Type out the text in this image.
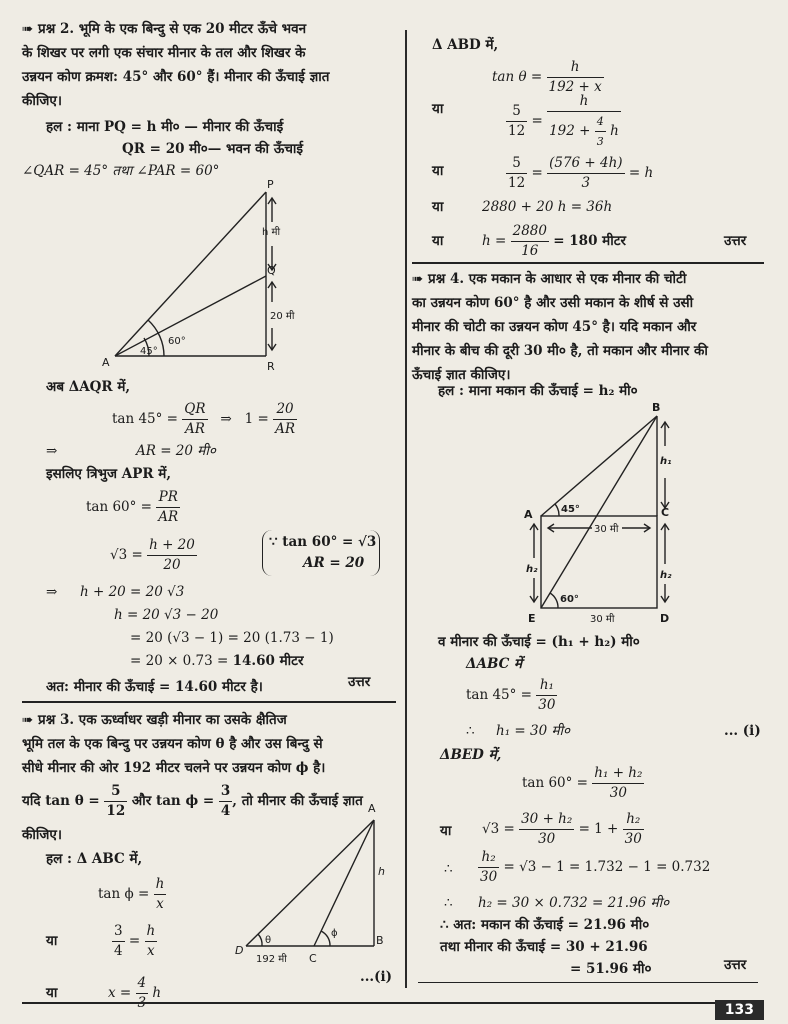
➠ प्रश्न 2. भूमि के एक बिन्दु से एक 20 मीटर ऊँचे भवन
के शिखर पर लगी एक संचार मीनार के तल और शिखर के
उन्नयन कोण क्रमश: 45° और 60° हैं। मीनार की ऊँचाई ज्ञात
कीजिए।
हल : माना PQ = h मी० — मीनार की ऊँचाई
QR = 20 मी०— भवन की ऊँचाई
∠QAR = 45° तथा ∠PAR = 60°
P
Q
R
A
h मी
20 मी
45°
60°
अब ΔAQR में,
$\tan 45^\circ = \frac{QR}{AR}$ ⇒ $1 = \frac{20}{AR}$
⇒	AR = 20 मी०
इसलिए त्रिभुज APR में,
$\tan 60^\circ = \frac{PR}{AR}$
$√3 = \frac{h + 20}{20}$	∵ tan 60° = √3
AR = 20
⇒ h + 20 = 20 √3
h = 20 √3 − 20
= 20 (√3 − 1) = 20 (1.73 − 1)
= 20 × 0.73 = 14.60 मीटर
अत: मीनार की ऊँचाई = 14.60 मीटर है।	उत्तर
➠ प्रश्न 3. एक ऊर्ध्वाधर खड़ी मीनार का उसके क्षैतिज
भूमि तल के एक बिन्दु पर उन्नयन कोण θ है और उस बिन्दु से
सीधे मीनार की ओर 192 मीटर चलने पर उन्नयन कोण ϕ है।
यदि $\tan \theta = \frac{5}{12}$ और $\tan \phi = \frac{3}{4}$ , तो मीनार की ऊँचाई ज्ञात
कीजिए।
हल : Δ ABC में,
$\tan \phi = \frac{h}{x}$
या	$\frac{3}{4} = \frac{h}{x}$
या	x =
4
h
...(i)
A
B
C
D
h
θ
ϕ
192 मी
Δ ABD में,
$\tan \theta = \frac{h}{192 + x}$
या	$\frac{5}{12} = \frac{h}{192 + \frac{4}{3} h}$
या	$\frac{5}{12} = \frac{(576 + 4h)}{3} = h$
या	2880 + 20 h = 36h
या	$h = \frac{2880}{16} = 180$ मीटर	उत्तर
➠ प्रश्न 4. एक मकान के आधार से एक मीनार की चोटी
का उन्नयन कोण 60° है और उसी मकान के शीर्ष से उसी
मीनार की चोटी का उन्नयन कोण 45° है। यदि मकान और
मीनार के बीच की दूरी 30 मी० है, तो मकान और मीनार की
ऊँचाई ज्ञात कीजिए।
हल : माना मकान की ऊँचाई = h₂ मी०
B
C
A
D
E
h₁
h₂
h₂
30 मी
30 मी
45°
60°
व मीनार की ऊँचाई = (h₁ + h₂) मी०
ΔABC में
$\tan 45^\circ = \frac{\text{h₁}}{30}$
∴ h₁ = 30 मी०	... (i)
ΔBED में,
$\tan 60^\circ = \frac{\text{h₁ + h₂}}{30}$
या $√3 = \frac{\text{30 + h₂}}{30} = 1 + \frac{\text{h₂}}{30}$
∴ $\frac{\text{h₂}}{30} = √3 - 1 = 1.732 - 1 = 0.732$
∴ h₂ = 30 × 0.732 = 21.96 मी०
∴ अत: मकान की ऊँचाई = 21.96 मी०
तथा मीनार की ऊँचाई = 30 + 21.96
= 51.96 मी०	उत्तर
133
